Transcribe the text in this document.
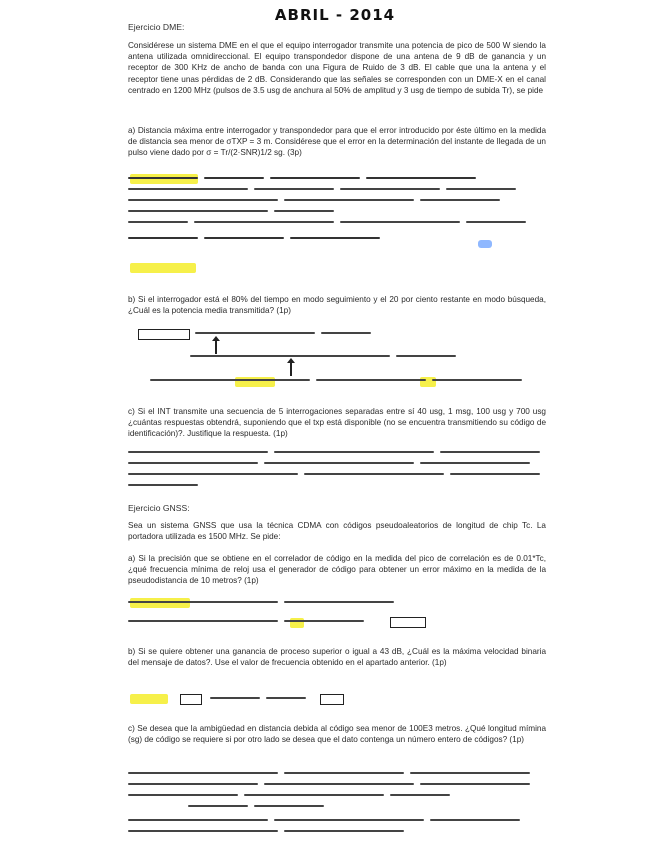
ABRIL - 2014
Ejercicio DME:
Considérese un sistema DME en el que el equipo interrogador transmite una potencia de pico de 500 W siendo la antena utilizada omnidireccional. El equipo transpondedor dispone de una antena de 9 dB de ganancia y un receptor de 300 KHz de ancho de banda con una Figura de Ruido de 3 dB. El cable que una la antena y el receptor tiene unas pérdidas de 2 dB. Considerando que las señales se corresponden con un DME-X en el canal centrado en 1200 MHz (pulsos de 3.5 usg de anchura al 50% de amplitud y 3 usg de tiempo de subida Tr), se pide
a) Distancia máxima entre interrogador y transpondedor para que el error introducido por éste último en la medida de distancia sea menor de σTXP = 3 m. Considérese que el error en la determinación del instante de llegada de un pulso viene dado por σ = Tr/(2·SNR)1/2 sg. (3p)
b) Si el interrogador está el 80% del tiempo en modo seguimiento y el 20 por ciento restante en modo búsqueda, ¿Cuál es la potencia media transmitida? (1p)
c) Si el INT transmite una secuencia de 5 interrogaciones separadas entre sí 40 usg, 1 msg, 100 usg y 700 usg ¿cuántas respuestas obtendrá, suponiendo que el txp está disponible (no se encuentra transmitiendo su código de identificación)?. Justifique la respuesta. (1p)
Ejercicio GNSS:
Sea un sistema GNSS que usa la técnica CDMA con códigos pseudoaleatorios de longitud de chip Tc. La portadora utilizada es 1500 MHz. Se pide:
a) Si la precisión que se obtiene en el correlador de código en la medida del pico de correlación es de 0.01*Tc, ¿qué frecuencia mínima de reloj usa el generador de código para obtener un error máximo en la medida de la pseudodistancia de 10 metros? (1p)
b) Si se quiere obtener una ganancia de proceso superior o igual a 43 dB, ¿Cuál es la máxima velocidad binaria del mensaje de datos?. Use el valor de frecuencia obtenido en el apartado anterior. (1p)
c) Se desea que la ambigüedad en distancia debida al código sea menor de 100E3 metros. ¿Qué longitud mímina (sg) de código se requiere si por otro lado se desea que el dato contenga un número entero de códigos? (1p)
